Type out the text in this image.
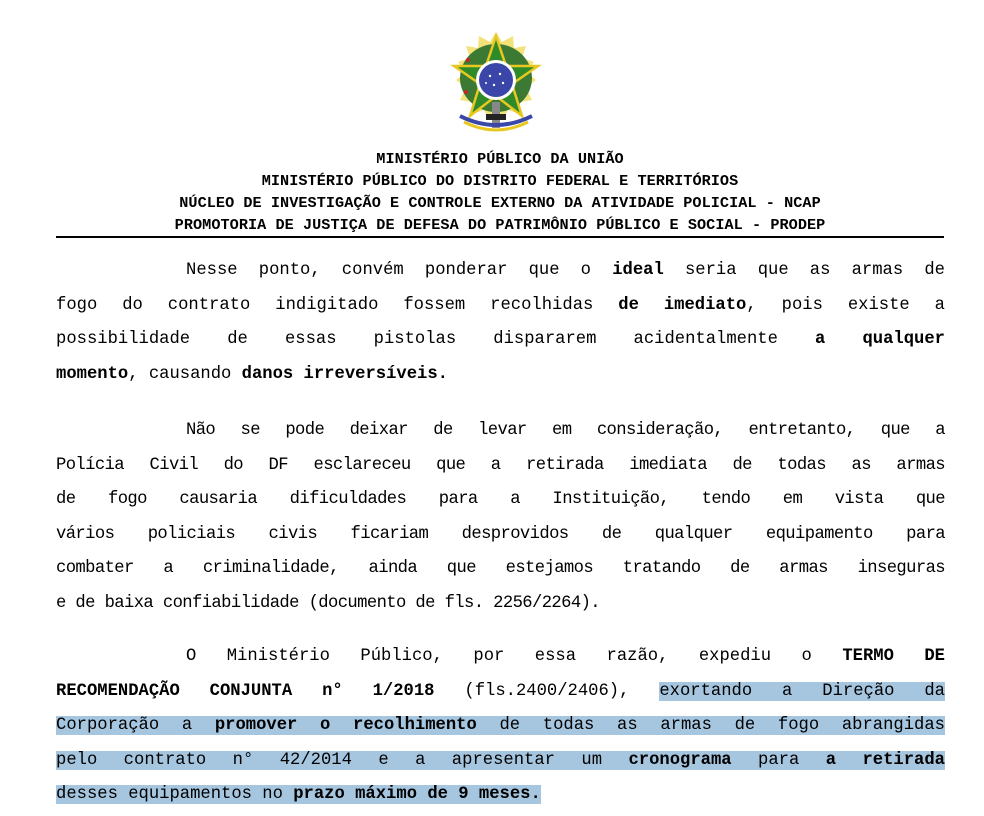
MINISTÉRIO PÚBLICO DA UNIÃO
MINISTÉRIO PÚBLICO DO DISTRITO FEDERAL E TERRITÓRIOS
NÚCLEO DE INVESTIGAÇÃO E CONTROLE EXTERNO DA ATIVIDADE POLICIAL - NCAP
PROMOTORIA DE JUSTIÇA DE DEFESA DO PATRIMÔNIO PÚBLICO E SOCIAL - PRODEP
Nesse ponto, convém ponderar que o ideal seria que as armas de
fogo do contrato indigitado fossem recolhidas de imediato, pois existe a
possibilidade de essas pistolas dispararem acidentalmente a qualquer
momento, causando danos irreversíveis.
Não se pode deixar de levar em consideração, entretanto, que a
Polícia Civil do DF esclareceu que a retirada imediata de todas as armas
de fogo causaria dificuldades para a Instituição, tendo em vista que
vários policiais civis ficariam desprovidos de qualquer equipamento para
combater a criminalidade, ainda que estejamos tratando de armas inseguras
e de baixa confiabilidade (documento de fls. 2256/2264).
O Ministério Público, por essa razão, expediu o TERMO DE
RECOMENDAÇÃO CONJUNTA n° 1/2018 (fls.2400/2406), exortando a Direção da
Corporação a promover o recolhimento de todas as armas de fogo abrangidas
pelo contrato n° 42/2014 e a apresentar um cronograma para a retirada
desses equipamentos no prazo máximo de 9 meses.
